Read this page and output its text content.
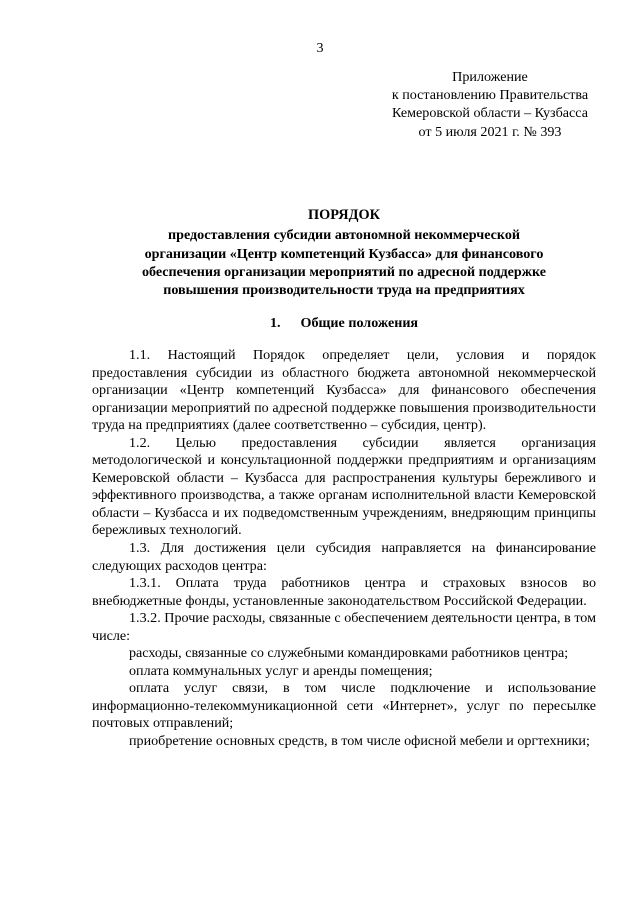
3
Приложение
к постановлению Правительства
Кемеровской области – Кузбасса
от 5 июля 2021 г. № 393
ПОРЯДОК
предоставления субсидии автономной некоммерческой
организации «Центр компетенций Кузбасса» для финансового
обеспечения организации мероприятий по адресной поддержке
повышения производительности труда на предприятиях
1. Общие положения

1.1. Настоящий Порядок определяет цели, условия и порядок предоставления субсидии из областного бюджета автономной некоммерческой организации «Центр компетенций Кузбасса» для финансового обеспечения организации мероприятий по адресной поддержке повышения производительности труда на предприятиях (далее соответственно – субсидия, центр).

1.2. Целью предоставления субсидии является организация методологической и консультационной поддержки предприятиям и организациям Кемеровской области – Кузбасса для распространения культуры бережливого и эффективного производства, а также органам исполнительной власти Кемеровской области – Кузбасса и их подведомственным учреждениям, внедряющим принципы бережливых технологий.

1.3. Для достижения цели субсидия направляется на финансирование следующих расходов центра:

1.3.1. Оплата труда работников центра и страховых взносов во внебюджетные фонды, установленные законодательством Российской Федерации.

1.3.2. Прочие расходы, связанные с обеспечением деятельности центра, в том числе:

расходы, связанные со служебными командировками работников центра;

оплата коммунальных услуг и аренды помещения;

оплата услуг связи, в том числе подключение и использование информационно-телекоммуникационной сети «Интернет», услуг по пересылке почтовых отправлений;

приобретение основных средств, в том числе офисной мебели и оргтехники;
